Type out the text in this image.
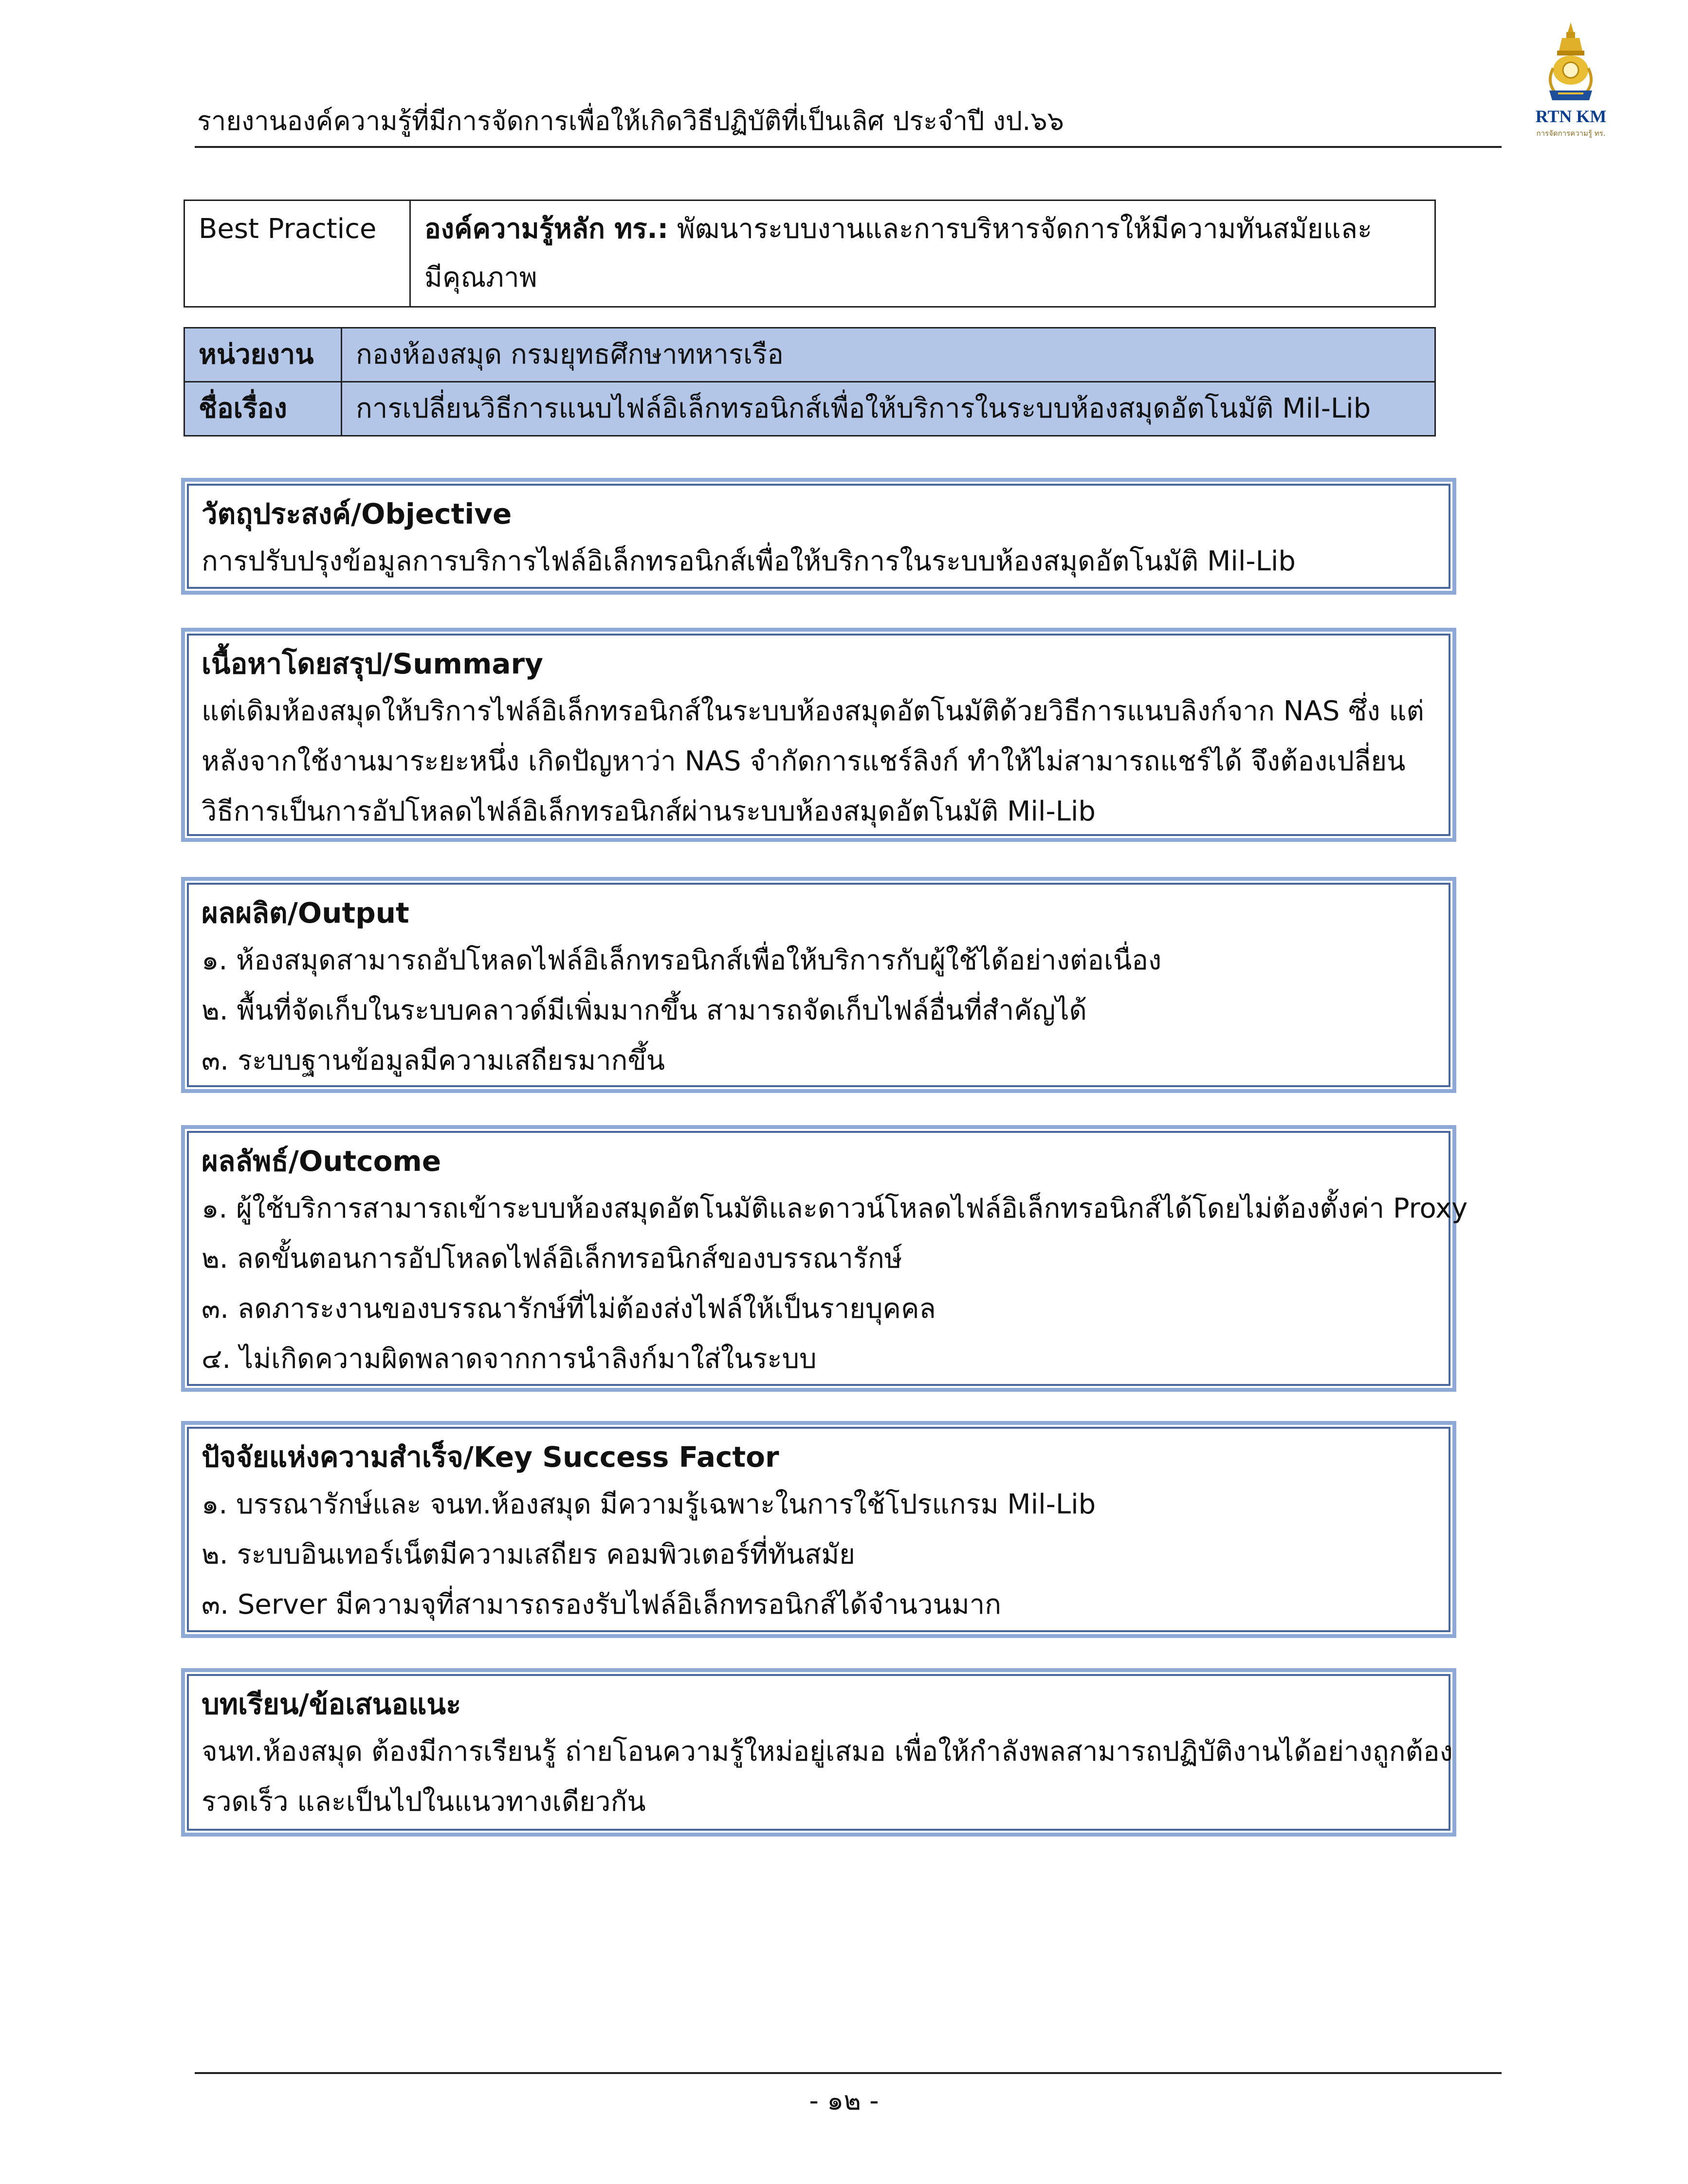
รายงานองค์ความรู้ที่มีการจัดการเพื่อให้เกิดวิธีปฏิบัติที่เป็นเลิศ ประจำปี งป.๖๖	RTN KM
การจัดการความรู้ ทร.
Best Practice	องค์ความรู้หลัก ทร.: พัฒนาระบบงานและการบริหารจัดการให้มีความทันสมัยและ
มีคุณภาพ
หน่วยงาน	กองห้องสมุด กรมยุทธศึกษาทหารเรือ
ชื่อเรื่อง	การเปลี่ยนวิธีการแนบไฟล์อิเล็กทรอนิกส์เพื่อให้บริการในระบบห้องสมุดอัตโนมัติ Mil-Lib
วัตถุประสงค์/Objective
การปรับปรุงข้อมูลการบริการไฟล์อิเล็กทรอนิกส์เพื่อให้บริการในระบบห้องสมุดอัตโนมัติ Mil-Lib
เนื้อหาโดยสรุป/Summary
แต่เดิมห้องสมุดให้บริการไฟล์อิเล็กทรอนิกส์ในระบบห้องสมุดอัตโนมัติด้วยวิธีการแนบลิงก์จาก NAS ซึ่ง แต่
หลังจากใช้งานมาระยะหนึ่ง เกิดปัญหาว่า NAS จำกัดการแชร์ลิงก์ ทำให้ไม่สามารถแชร์ได้ จึงต้องเปลี่ยน
วิธีการเป็นการอัปโหลดไฟล์อิเล็กทรอนิกส์ผ่านระบบห้องสมุดอัตโนมัติ Mil-Lib
ผลผลิต/Output
๑. ห้องสมุดสามารถอัปโหลดไฟล์อิเล็กทรอนิกส์เพื่อให้บริการกับผู้ใช้ได้อย่างต่อเนื่อง
๒. พื้นที่จัดเก็บในระบบคลาวด์มีเพิ่มมากขึ้น สามารถจัดเก็บไฟล์อื่นที่สำคัญได้
๓. ระบบฐานข้อมูลมีความเสถียรมากขึ้น
ผลลัพธ์/Outcome
๑. ผู้ใช้บริการสามารถเข้าระบบห้องสมุดอัตโนมัติและดาวน์โหลดไฟล์อิเล็กทรอนิกส์ได้โดยไม่ต้องตั้งค่า Proxy
๒. ลดขั้นตอนการอัปโหลดไฟล์อิเล็กทรอนิกส์ของบรรณารักษ์
๓. ลดภาระงานของบรรณารักษ์ที่ไม่ต้องส่งไฟล์ให้เป็นรายบุคคล
๔. ไม่เกิดความผิดพลาดจากการนำลิงก์มาใส่ในระบบ
ปัจจัยแห่งความสำเร็จ/Key Success Factor
๑. บรรณารักษ์และ จนท.ห้องสมุด มีความรู้เฉพาะในการใช้โปรแกรม Mil-Lib
๒. ระบบอินเทอร์เน็ตมีความเสถียร คอมพิวเตอร์ที่ทันสมัย
๓. Server มีความจุที่สามารถรองรับไฟล์อิเล็กทรอนิกส์ได้จำนวนมาก
บทเรียน/ข้อเสนอแนะ
จนท.ห้องสมุด ต้องมีการเรียนรู้ ถ่ายโอนความรู้ใหม่อยู่เสมอ เพื่อให้กำลังพลสามารถปฏิบัติงานได้อย่างถูกต้อง
รวดเร็ว และเป็นไปในแนวทางเดียวกัน
- ๑๒ -
